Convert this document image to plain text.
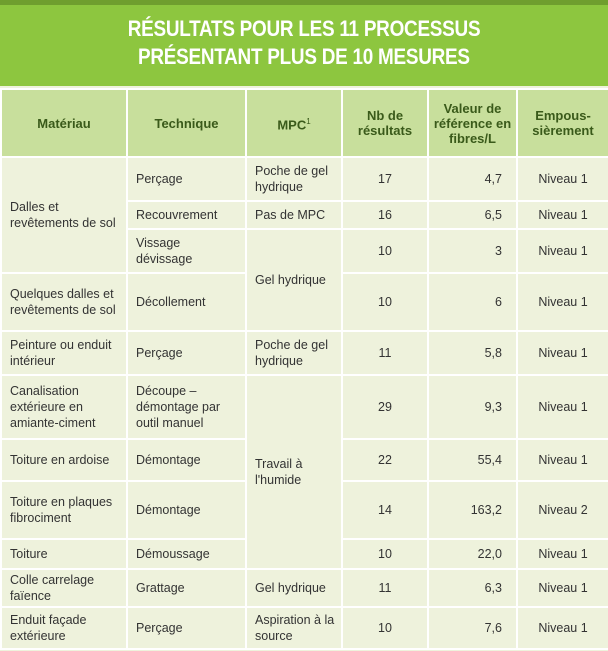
RÉSULTATS POUR LES 11 PROCESSUS
PRÉSENTANT PLUS DE 10 MESURES
Matériau	Technique	MPC$^1$	Nb de résultats	Valeur de référence en fibres/L	Empous-sièrement
Dalles et revêtements de sol	Perçage	Poche de gel hydrique	17	4,7	Niveau 1
	Recouvrement	Pas de MPC	16	6,5	Niveau 1
	Vissage dévissage	Gel hydrique	10	3	Niveau 1
Quelques dalles et revêtements de sol	Décollement		10	6	Niveau 1
Peinture ou enduit intérieur	Perçage	Poche de gel hydrique	11	5,8	Niveau 1
Canalisation extérieure en amiante-ciment	Découpe – démontage par outil manuel	Travail à l'humide	29	9,3	Niveau 1
Toiture en ardoise	Démontage		22	55,4	Niveau 1
Toiture en plaques fibrociment	Démontage		14	163,2	Niveau 2
Toiture	Démoussage		10	22,0	Niveau 1
Colle carrelage faïence	Grattage	Gel hydrique	11	6,3	Niveau 1
Enduit façade extérieure	Perçage	Aspiration à la source	10	7,6	Niveau 1
